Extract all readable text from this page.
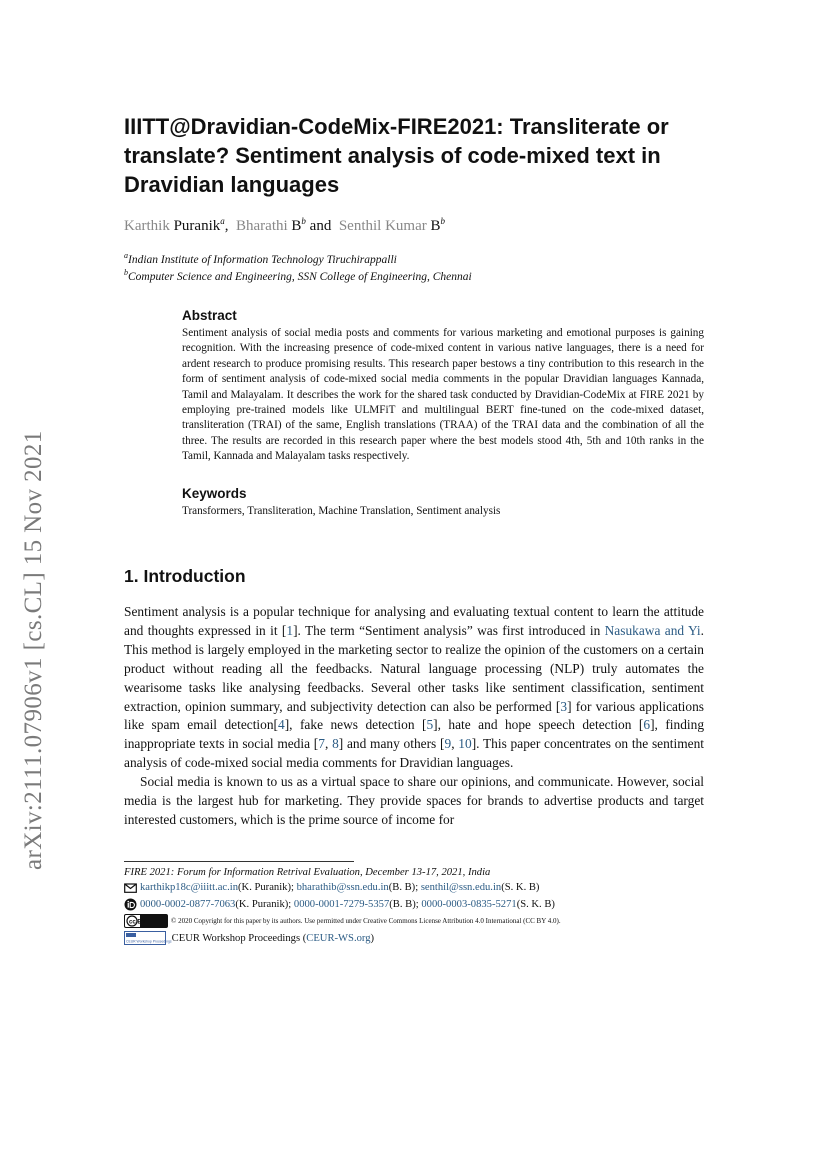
arXiv:2111.07906v1 [cs.CL] 15 Nov 2021
IIITT@Dravidian-CodeMix-FIRE2021: Transliterate or translate? Sentiment analysis of code-mixed text in Dravidian languages
Karthik Puranik$^a$, Bharathi $B^b$ and Senthil Kumar $B^b$
$^a$Indian Institute of Information Technology Tiruchirappalli
$^b$Computer Science and Engineering, SSN College of Engineering, Chennai
Abstract

Sentiment analysis of social media posts and comments for various marketing and emotional purposes is gaining recognition. With the increasing presence of code-mixed content in various native languages, there is a need for ardent research to produce promising results. This research paper bestows a tiny contribution to this research in the form of sentiment analysis of code-mixed social media comments in the popular Dravidian languages Kannada, Tamil and Malayalam. It describes the work for the shared task conducted by Dravidian-CodeMix at FIRE 2021 by employing pre-trained models like ULMFiT and multilingual BERT fine-tuned on the code-mixed dataset, transliteration (TRAI) of the same, English translations (TRAA) of the TRAI data and the combination of all the three. The results are recorded in this research paper where the best models stood 4th, 5th and 10th ranks in the Tamil, Kannada and Malayalam tasks respectively.

Keywords

Transformers, Transliteration, Machine Translation, Sentiment analysis

1. Introduction

Sentiment analysis is a popular technique for analysing and evaluating textual content to learn the attitude and thoughts expressed in it [1]. The term “Sentiment analysis” was first introduced in Nasukawa and Yi. This method is largely employed in the marketing sector to realize the opinion of the customers on a certain product without reading all the feedbacks. Natural language processing (NLP) truly automates the wearisome tasks like analysing feedbacks. Several other tasks like sentiment classification, sentiment extraction, opinion summary, and subjectivity detection can also be performed [3] for various applications like spam email detection[4], fake news detection [5], hate and hope speech detection [6], finding inappropriate texts in social media [7, 8] and many others [9, 10]. This paper concentrates on the sentiment analysis of code-mixed social media comments for Dravidian languages.

Social media is known to us as a virtual space to share our opinions, and communicate. However, social media is the largest hub for marketing. They provide spaces for brands to advertise products and target interested customers, which is the prime source of income for

FIRE 2021: Forum for Information Retrival Evaluation, December 13-17, 2021, India
karthikp18c@iiitt.ac.in (K. Puranik);
bharathib@ssn.edu.in (B. B);
senthil@ssn.edu.in (S. K. B)
0000-0002-0877-7063 (K. Puranik);
0000-0001-7279-5357 (B. B);
0000-0003-0835-5271 (S. K. B)
cc BY	© 2020 Copyright for this paper by its authors. Use permitted under Creative Commons License Attribution 4.0 International (CC BY 4.0).
CEUR Workshop Proceedings
CEUR Workshop Proceedings ( CEUR-WS.org )
